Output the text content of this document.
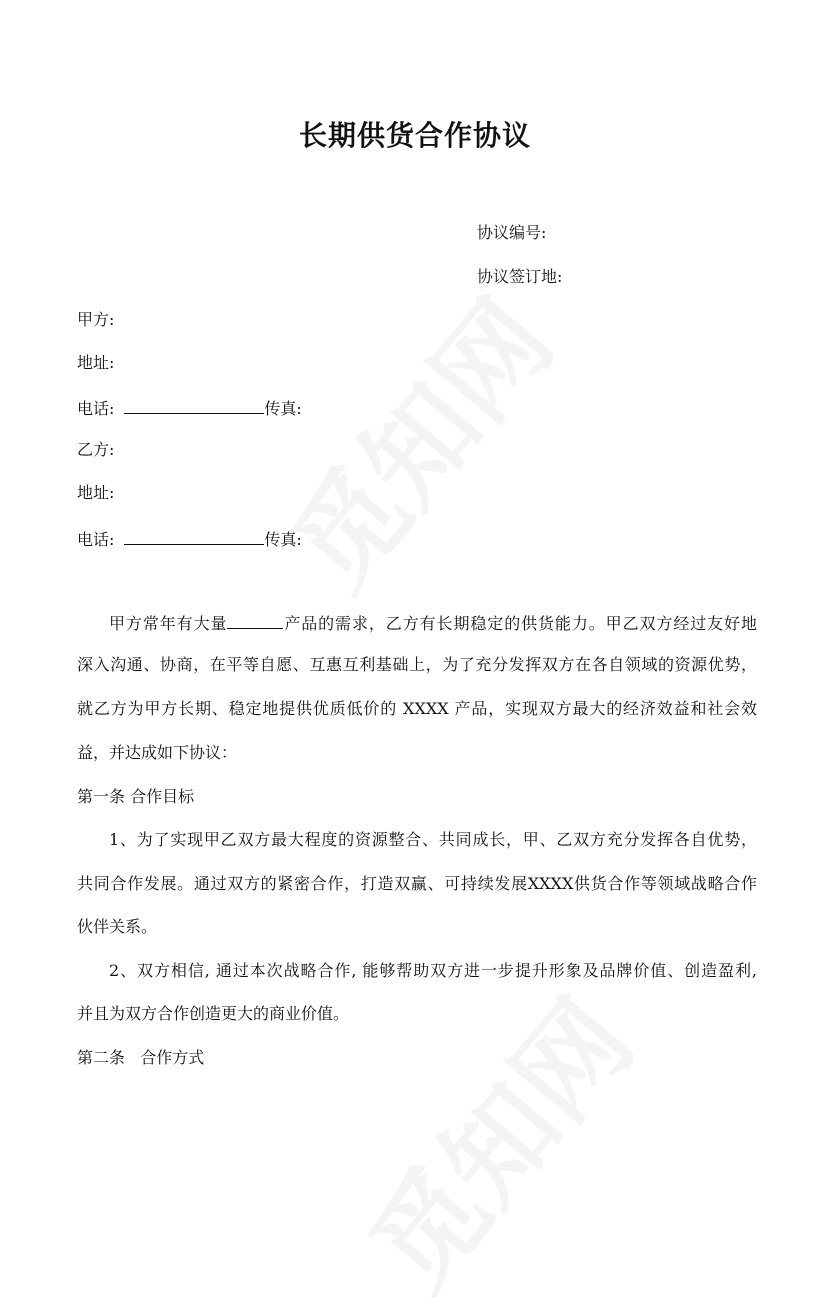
长期供货合作协议
协议编号:
协议签订地:
甲方:
地址:
电话:	传真:
乙方:
地址:
电话:	传真:
甲方常年有大量	产品的需求，乙方有长期稳定的供货能力。甲乙双方经过友好地
深入沟通、协商，在平等自愿、互惠互利基础上，为了充分发挥双方在各自领域的资源优势，
就乙方为甲方长期、稳定地提供优质低价的 XXXX 产品，实现双方最大的经济效益和社会效
益，并达成如下协议：
第一条 合作目标
1、为了实现甲乙双方最大程度的资源整合、共同成长，甲、乙双方充分发挥各自优势，
共同合作发展。通过双方的紧密合作，打造双赢、可持续发展XXXX供货合作等领域战略合作
伙伴关系。
2、双方相信, 通过本次战略合作, 能够帮助双方进一步提升形象及品牌价值、创造盈利,
并且为双方合作创造更大的商业价值。
第二条   合作方式
